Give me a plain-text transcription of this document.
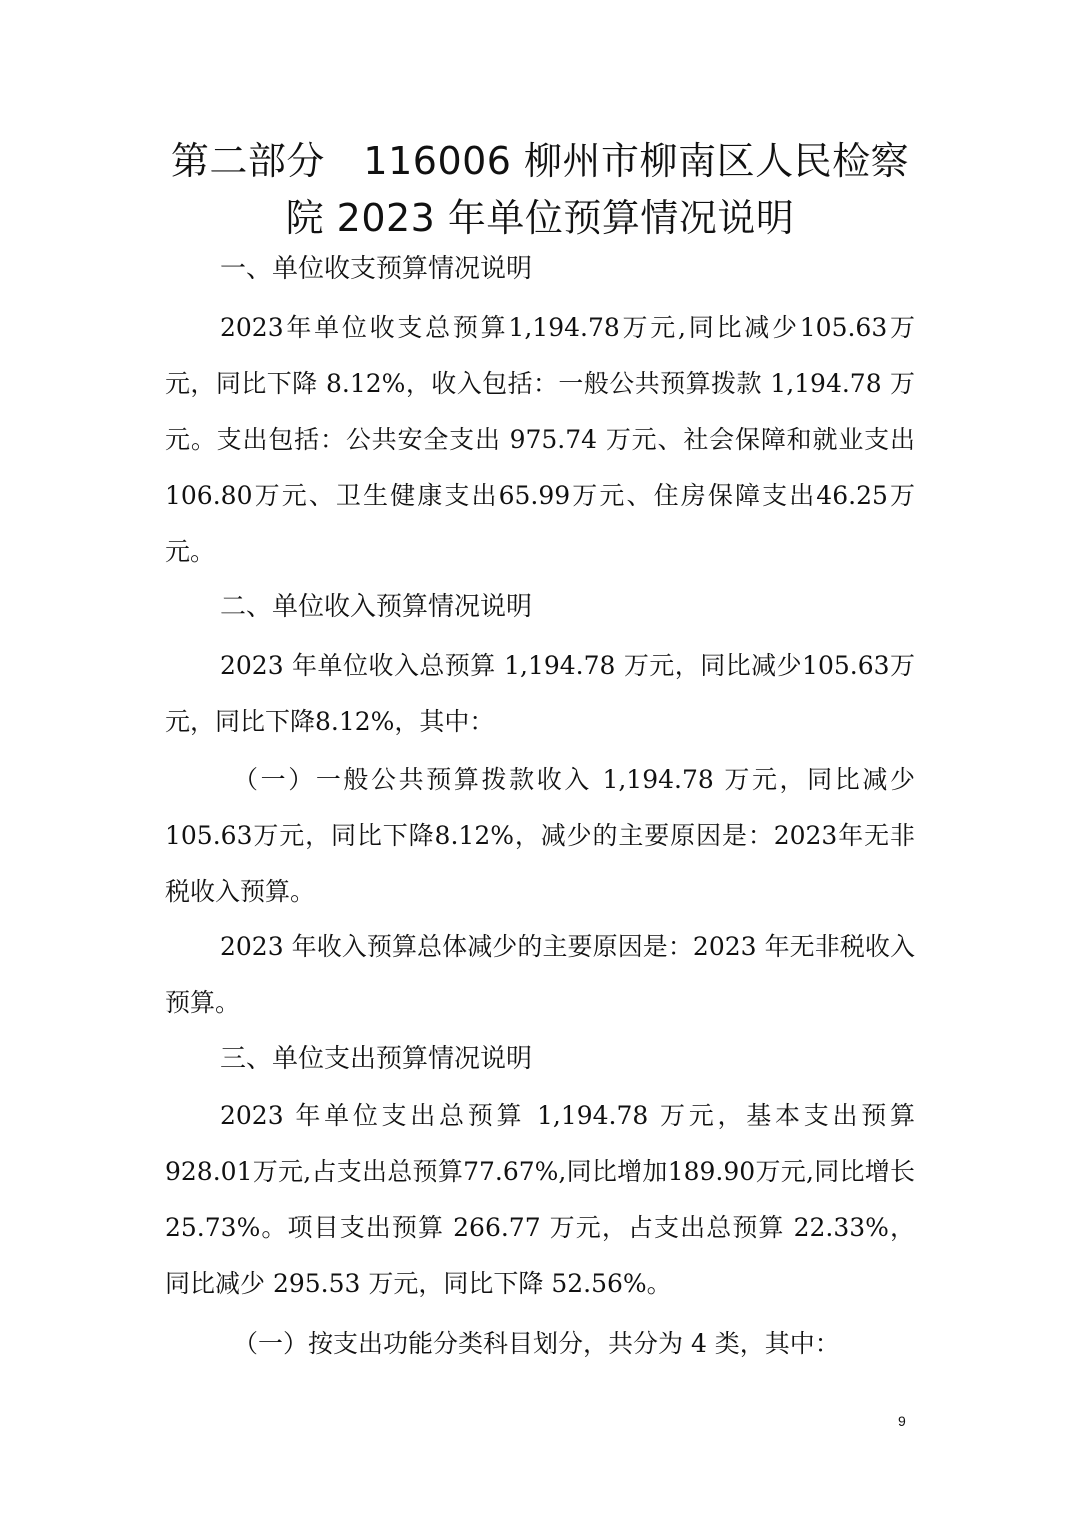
第二部分　116006 柳州市柳南区人民检察
院 2023 年单位预算情况说明
一、单位收支预算情况说明
2023年单位收支总预算1,194.78万元,同比减少105.63万元，同比下降 8.12%，收入包括：一般公共预算拨款 1,194.78 万元。支出包括：公共安全支出 975.74 万元、社会保障和就业支出106.80万元、卫生健康支出65.99万元、住房保障支出46.25万元。
二、单位收入预算情况说明
2023 年单位收入总预算 1,194.78 万元，同比减少105.63万元，同比下降8.12%，其中：
（一）一般公共预算拨款收入 1,194.78 万元，同比减少105.63万元，同比下降8.12%，减少的主要原因是：2023年无非税收入预算。
2023 年收入预算总体减少的主要原因是：2023 年无非税收入预算。
三、单位支出预算情况说明
2023 年单位支出总预算 1,194.78 万元，基本支出预算928.01万元,占支出总预算77.67%,同比增加189.90万元,同比增长 25.73%。项目支出预算 266.77 万元，占支出总预算 22.33%，同比减少 295.53 万元，同比下降 52.56%。
（一）按支出功能分类科目划分，共分为 4 类，其中：
9
